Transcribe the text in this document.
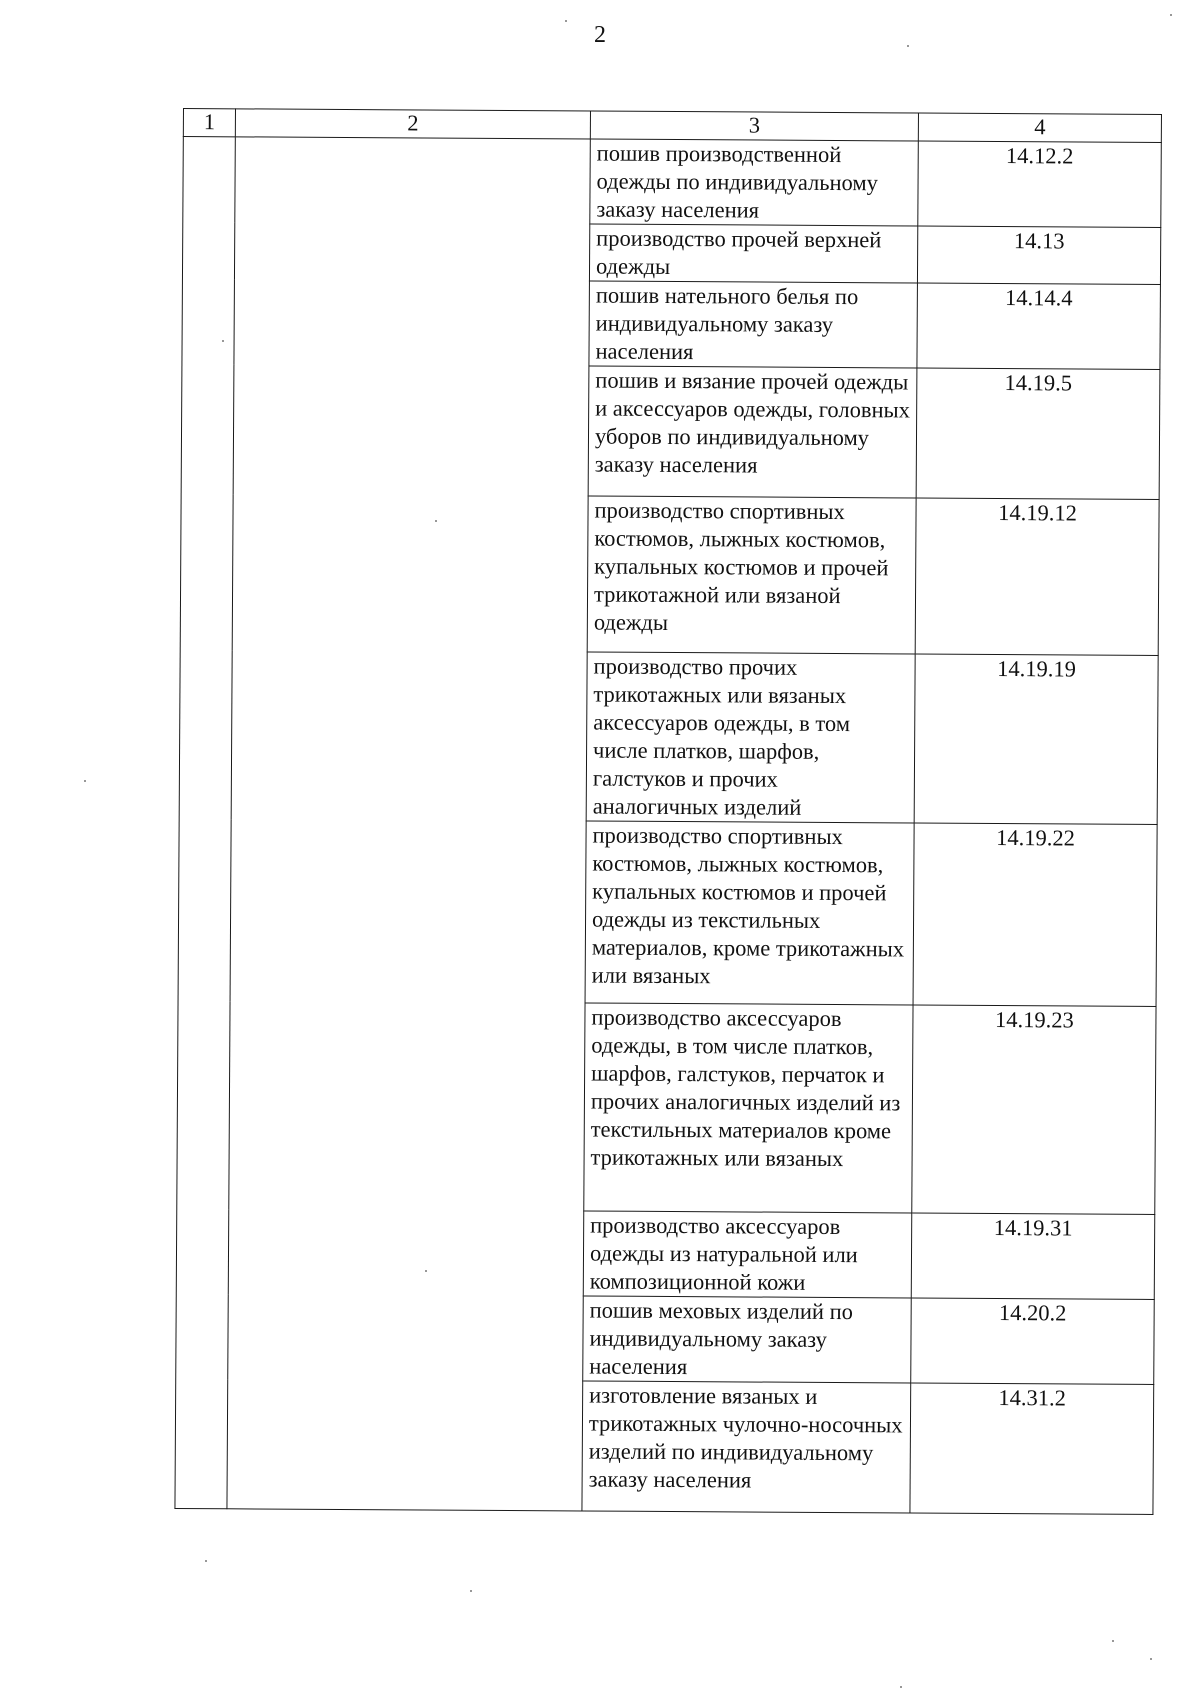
2
1	2	3	4
		пошив производственной одежды по индивидуальному заказу населения	14.12.2
		производство прочей верхней одежды	14.13
		пошив нательного белья по индивидуальному заказу населения	14.14.4
		пошив и вязание прочей одежды и аксессуаров одежды, головных уборов по индивидуальному заказу населения	14.19.5
		производство спортивных костюмов, лыжных костюмов, купальных костюмов и прочей трикотажной или вязаной одежды	14.19.12
		производство прочих трикотажных или вязаных аксессуаров одежды, в том числе платков, шарфов, галстуков и прочих аналогичных изделий	14.19.19
		производство спортивных костюмов, лыжных костюмов, купальных костюмов и прочей одежды из текстильных материалов, кроме трикотажных или вязаных	14.19.22
		производство аксессуаров одежды, в том числе платков, шарфов, галстуков, перчаток и прочих аналогичных изделий из текстильных материалов кроме трикотажных или вязаных	14.19.23
		производство аксессуаров одежды из натуральной или композиционной кожи	14.19.31
		пошив меховых изделий по индивидуальному заказу населения	14.20.2
		изготовление вязаных и трикотажных чулочно-носочных изделий по индивидуальному заказу населения	14.31.2
